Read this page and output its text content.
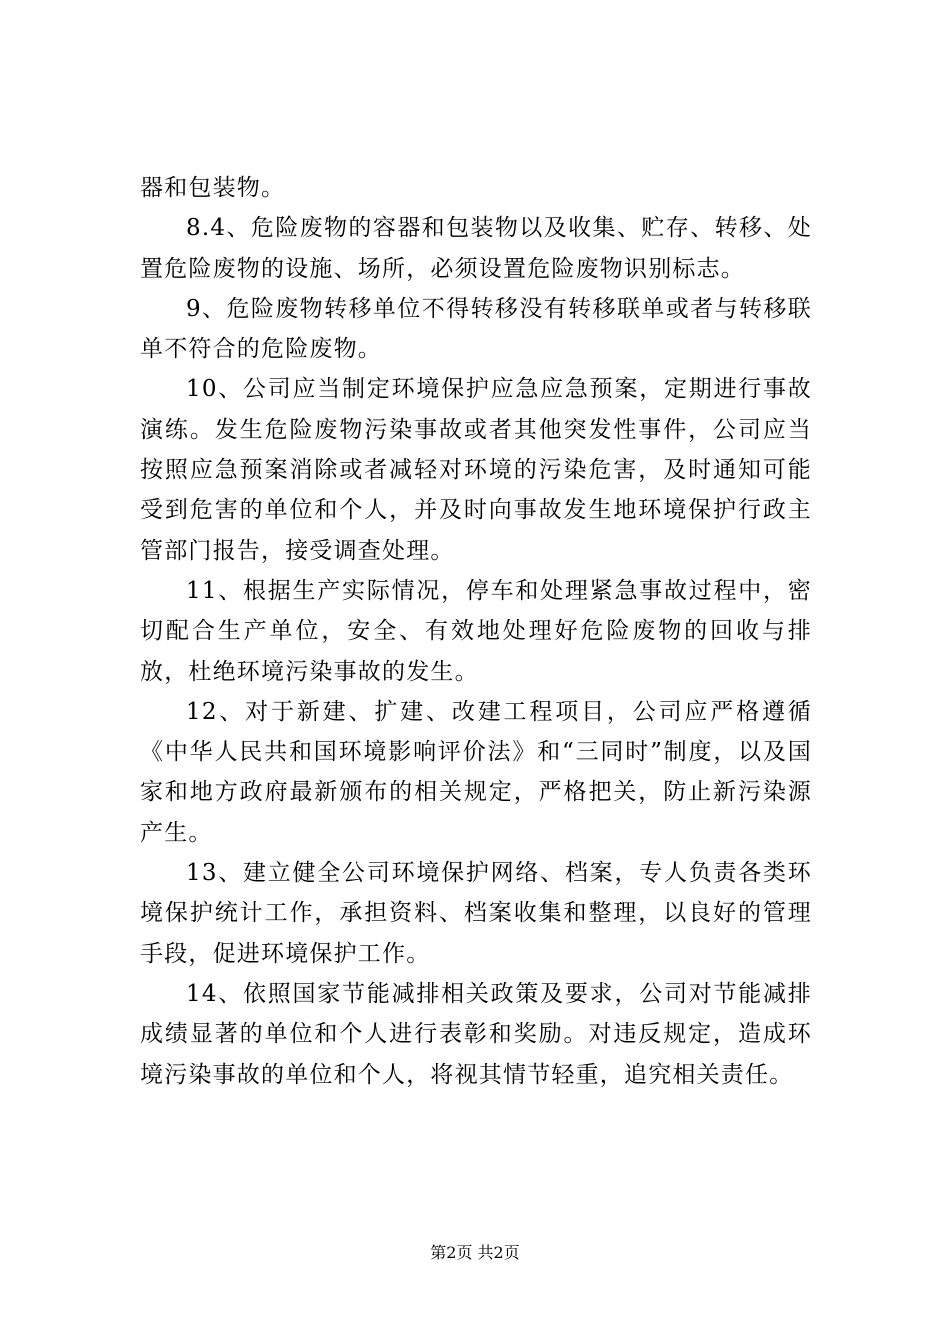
器和包装物。

8.4、危险废物的容器和包装物以及收集、贮存、转移、处置危险废物的设施、场所，必须设置危险废物识别标志。

9、危险废物转移单位不得转移没有转移联单或者与转移联单不符合的危险废物。

10、公司应当制定环境保护应急应急预案，定期进行事故演练。发生危险废物污染事故或者其他突发性事件，公司应当按照应急预案消除或者减轻对环境的污染危害，及时通知可能受到危害的单位和个人，并及时向事故发生地环境保护行政主管部门报告，接受调查处理。

11、根据生产实际情况，停车和处理紧急事故过程中，密切配合生产单位，安全、有效地处理好危险废物的回收与排放，杜绝环境污染事故的发生。

12、对于新建、扩建、改建工程项目，公司应严格遵循《中华人民共和国环境影响评价法》和“三同时”制度，以及国家和地方政府最新颁布的相关规定，严格把关，防止新污染源产生。

13、建立健全公司环境保护网络、档案，专人负责各类环境保护统计工作，承担资料、档案收集和整理，以良好的管理手段，促进环境保护工作。

14、依照国家节能减排相关政策及要求，公司对节能减排成绩显著的单位和个人进行表彰和奖励。对违反规定，造成环境污染事故的单位和个人，将视其情节轻重，追究相关责任。

第2页 共2页
